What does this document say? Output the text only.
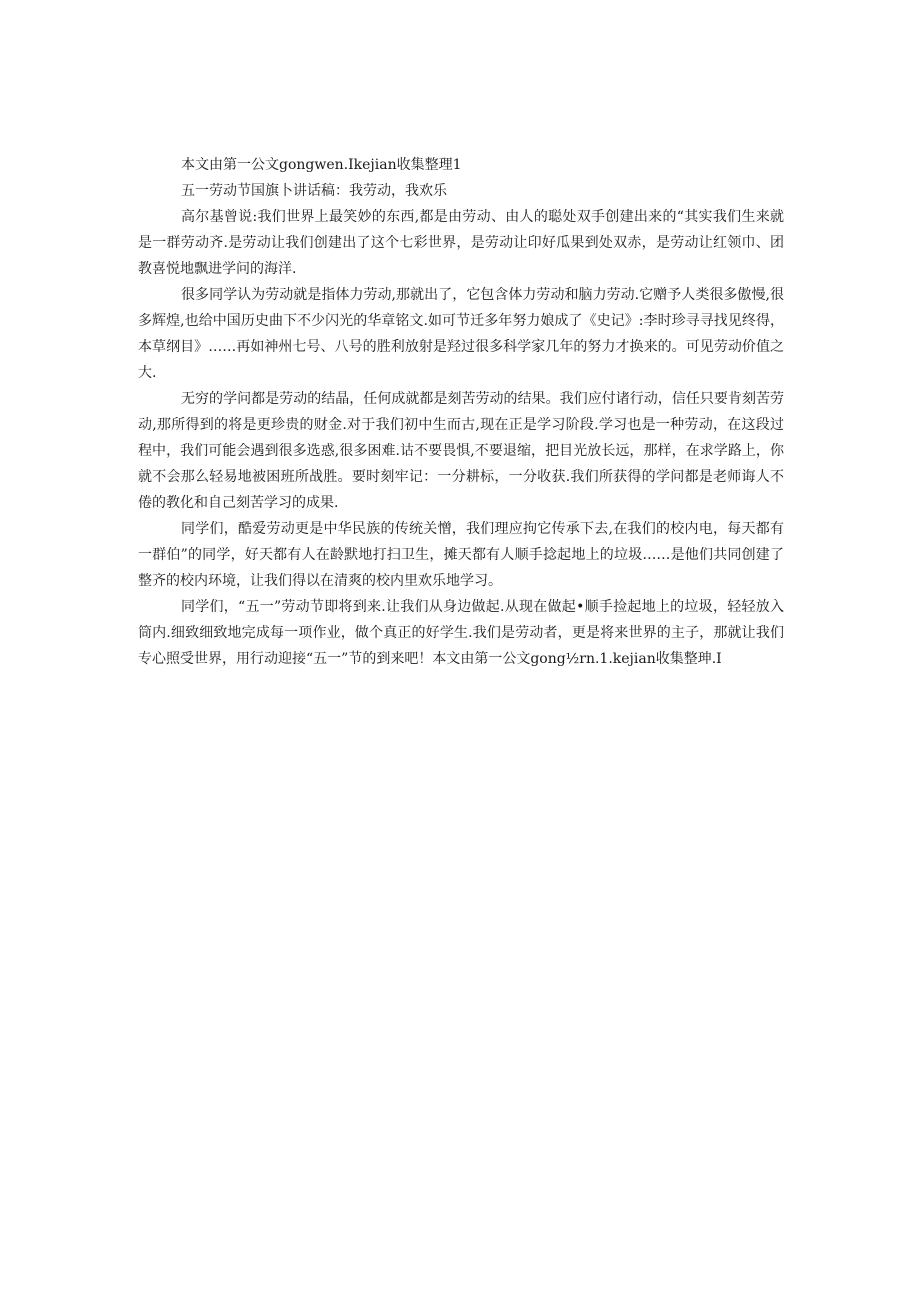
本文由第一公文gongwen.Ikejian收集整理1

五一劳动节国旗卜讲话稿：我劳动，我欢乐

高尔基曾说:我们世界上最笑妙的东西,都是由劳动、由人的聪处双手创建出来的“其实我们生来就是一群劳动齐.是劳动让我们创建出了这个七彩世界，是劳动让印好瓜果到处双赤，是劳动让红领巾、团教喜悦地飘进学问的海洋.

很多同学认为劳动就是指体力劳动,那就出了，它包含体力劳动和脑力劳动.它赠予人类很多傲慢,很多辉煌,也给中国历史曲下不少闪光的华章铭文.如可节迁多年努力娘成了《史记》:李时珍寻寻找见终得，本草纲目》……再如神州七号、八号的胜利放射是羟过很多科学家几年的努力才换来的。可见劳动价值之大.

无穷的学问都是劳动的结晶，任何成就都是刻苦劳动的结果。我们应付诸行动，信任只要肯刻苦劳动,那所得到的将是更珍贵的财金.对于我们初中生而古,现在正是学习阶段.学习也是一种劳动，在这段过程中，我们可能会遇到很多选惑,很多困难.诂不要畏惧,不要退缩，把目光放长远，那样，在求学路上，你就不会那么轻易地被困班所战胜。要时刻牢记：一分耕标，一分收获.我们所获得的学问都是老师诲人不倦的教化和自己刻苦学习的成果.

同学们，酷爱劳动更是中华民族的传统关憎，我们理应拘它传承下去,在我们的校内电，每天都有一群伯”的同学，好天都有人在龄默地打扫卫生，摊天都有人顺手捻起地上的垃圾……是他们共同创建了整齐的校内环境，让我们得以在清爽的校内里欢乐地学习。

同学们，“五一”劳动节即将到来.让我们从身边做起.从现在做起•顺手捡起地上的垃圾，轻轻放入筒内.细致细致地完成每一项作业，做个真正的好学生.我们是劳动者，更是将来世界的主子，那就让我们专心照受世界，用行动迎接“五一”节的到来吧！本文由第一公文gong½rn.1.kejian收集整珅.I
